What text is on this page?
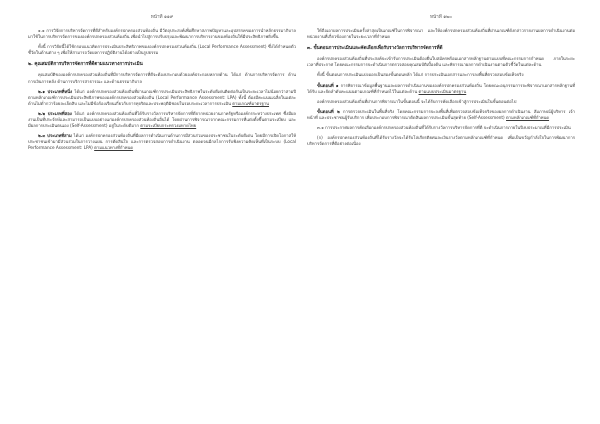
หน้าที่ ๑๑๙

๑.๑ การวิจัยการบริหารจัดการที่ดีสำหรับองค์กรปกครองส่วนท้องถิ่น มีวัตถุประสงค์เพื่อศึกษาสภาพปัญหาและอุปสรรคของการนำหลักธรรมาภิบาลมาใช้ในการบริหารจัดการขององค์กรปกครองส่วนท้องถิ่น เพื่อนำไปสู่การปรับปรุงและพัฒนาการบริหารงานของท้องถิ่นให้มีประสิทธิภาพยิ่งขึ้น

ทั้งนี้ การวิจัยนี้ได้ใช้กรอบแนวคิดการประเมินประสิทธิภาพขององค์กรปกครองส่วนท้องถิ่น (Local Performance Assessment) ซึ่งได้กำหนดตัวชี้วัดในด้านต่าง ๆ เพื่อให้สามารถวัดผลการปฏิบัติงานได้อย่างเป็นรูปธรรม

๒. คุณสมบัติการบริหารจัดการที่ดีตามแนวทางการประเมิน

คุณสมบัติขององค์กรปกครองส่วนท้องถิ่นที่มีการบริหารจัดการที่ดีจะต้องประกอบด้วยองค์ประกอบหลายด้าน ได้แก่ ด้านการบริหารจัดการ ด้านการเงินการคลัง ด้านการบริการสาธารณะ และด้านธรรมาภิบาล

๒.๑ ประเภทที่หนึ่ง ได้แก่ องค์กรปกครองส่วนท้องถิ่นที่ผ่านเกณฑ์การประเมินประสิทธิภาพในระดับดีเด่นติดต่อกันเป็นระยะเวลาไม่น้อยกว่าสามปี ตามหลักเกณฑ์การประเมินประสิทธิภาพขององค์กรปกครองส่วนท้องถิ่น (Local Performance Assessment: LPA) ทั้งนี้ ต้องมีคะแนนเฉลี่ยในแต่ละด้านไม่ต่ำกว่าร้อยละเจ็ดสิบ และไม่มีข้อร้องเรียนเกี่ยวกับการทุจริตและประพฤติมิชอบในรอบระยะเวลาการประเมิน ตามเกณฑ์มาตรฐาน

๒.๒ ประเภทที่สอง ได้แก่ องค์กรปกครองส่วนท้องถิ่นที่ได้รับรางวัลการบริหารจัดการที่ดีจากหน่วยงานภาครัฐหรือองค์กรระหว่างประเทศ ซึ่งมีผลงานเป็นที่ประจักษ์และสามารถเป็นแบบอย่างแก่องค์กรปกครองส่วนท้องถิ่นอื่นได้ โดยผ่านการพิจารณาจากคณะกรรมการที่แต่งตั้งขึ้นตามระเบียบ และมีผลการประเมินตนเอง (Self-Assessment) อยู่ในระดับดีมาก ตามระเบียบกระทรวงมหาดไทย

๒.๓ ประเภทที่สาม ได้แก่ องค์กรปกครองส่วนท้องถิ่นที่มีผลการดำเนินงานด้านการมีส่วนร่วมของประชาชนในระดับดีเด่น โดยมีการเปิดโอกาสให้ประชาชนเข้ามามีส่วนร่วมในการวางแผน การตัดสินใจ และการตรวจสอบการดำเนินงาน ตลอดจนมีกลไกการรับฟังความคิดเห็นที่เป็นระบบ (Local Performance Assessment: LPA) ตามแนวทางที่กำหนด

หน้าที่ ๑๒๐

ให้ถือเอาผลการประเมินครั้งล่าสุดเป็นเกณฑ์ในการพิจารณา และให้องค์กรปกครองส่วนท้องถิ่นที่ผ่านเกณฑ์ดังกล่าวรายงานผลการดำเนินงานต่อหน่วยงานที่เกี่ยวข้องภายในระยะเวลาที่กำหนด

๓. ขั้นตอนการประเมินและคัดเลือกเพื่อรับรางวัลการบริหารจัดการที่ดี

องค์กรปกครองส่วนท้องถิ่นที่ประสงค์จะเข้ารับการประเมินต้องยื่นใบสมัครพร้อมเอกสารหลักฐานตามแบบที่คณะกรรมการกำหนด ภายในระยะเวลาที่ประกาศ โดยคณะกรรมการจะดำเนินการตรวจสอบคุณสมบัติเบื้องต้น และพิจารณาผลการดำเนินงานตามตัวชี้วัดในแต่ละด้าน

ทั้งนี้ ขั้นตอนการประเมินแบ่งออกเป็นสองขั้นตอนหลัก ได้แก่ การประเมินเอกสารและการลงพื้นที่ตรวจสอบข้อเท็จจริง

ขั้นตอนที่ ๑ การพิจารณาข้อมูลพื้นฐานและผลการดำเนินงานขององค์กรปกครองส่วนท้องถิ่น โดยคณะอนุกรรมการจะพิจารณาเอกสารหลักฐานที่ได้รับ และจัดลำดับคะแนนตามเกณฑ์ที่กำหนดไว้ในแต่ละด้าน ตามแบบประเมินมาตรฐาน

องค์กรปกครองส่วนท้องถิ่นที่ผ่านการพิจารณาในขั้นตอนนี้ จะได้รับการคัดเลือกเข้าสู่การประเมินในขั้นตอนต่อไป

ขั้นตอนที่ ๒ การตรวจประเมินในพื้นที่จริง โดยคณะกรรมการจะลงพื้นที่เพื่อตรวจสอบข้อเท็จจริงของผลการดำเนินงาน สัมภาษณ์ผู้บริหาร เจ้าหน้าที่ และประชาชนผู้รับบริการ เพื่อประกอบการพิจารณาตัดสินผลการประเมินขั้นสุดท้าย (Self-Assessment) ตามหลักเกณฑ์ที่กำหนด

๓.๑ การประกาศผลการคัดเลือกองค์กรปกครองส่วนท้องถิ่นที่ได้รับรางวัลการบริหารจัดการที่ดี จะดำเนินการภายในปีงบประมาณที่มีการประเมิน

(ก) องค์กรปกครองส่วนท้องถิ่นที่ได้รับรางวัลจะได้รับโล่เกียรติยศและเงินรางวัลตามหลักเกณฑ์ที่กำหนด เพื่อเป็นขวัญกำลังใจในการพัฒนาการบริหารจัดการที่ดีอย่างต่อเนื่อง
